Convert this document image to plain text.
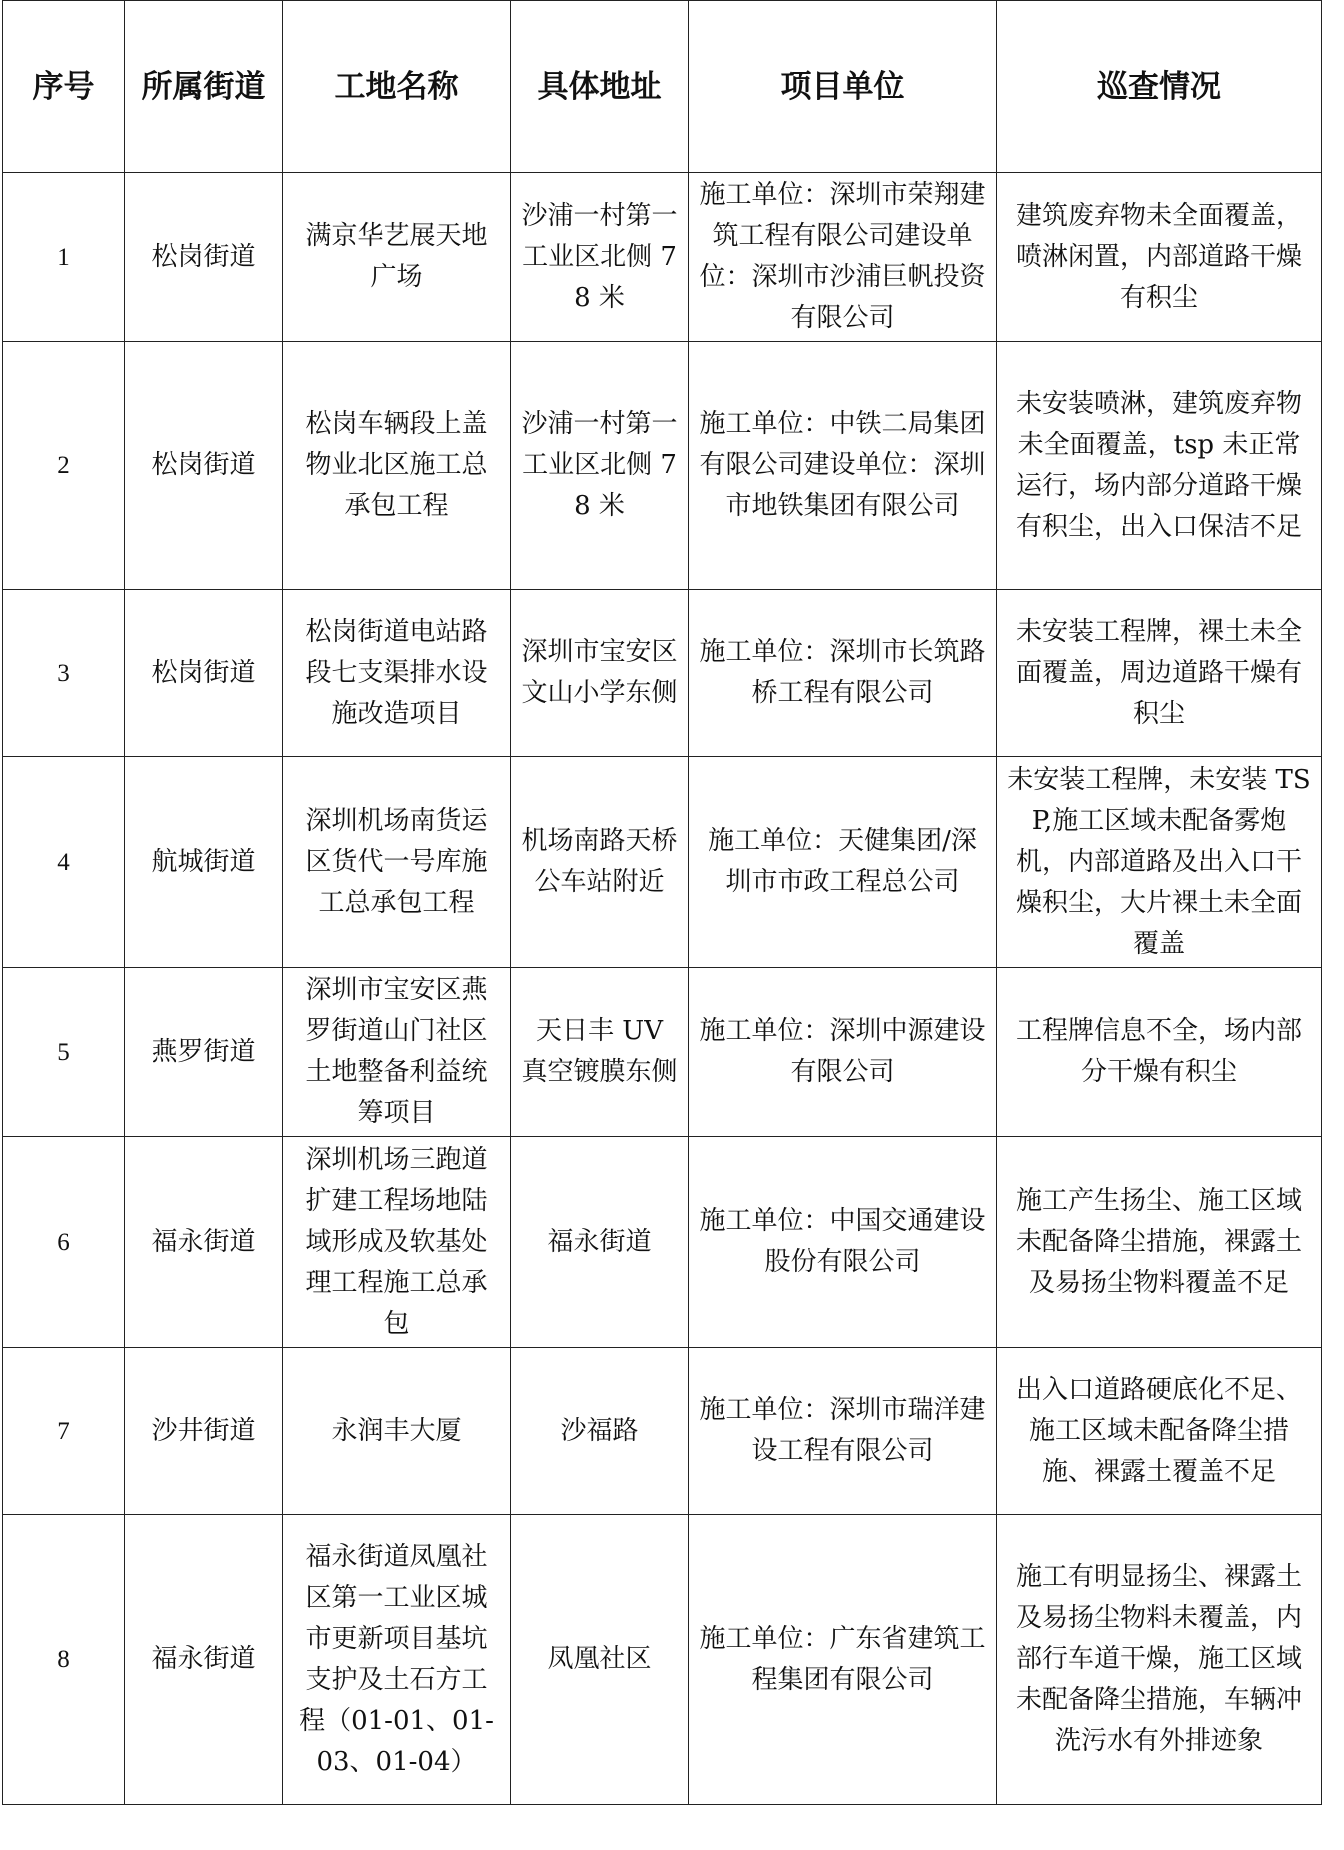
序号	所属街道	工地名称	具体地址	项目单位	巡查情况
1	松岗街道	满京华艺展天地广场	沙浦一村第一工业区北侧 78 米	施工单位：深圳市荣翔建筑工程有限公司建设单位：深圳市沙浦巨帆投资有限公司	建筑废弃物未全面覆盖，喷淋闲置，内部道路干燥有积尘
2	松岗街道	松岗车辆段上盖物业北区施工总承包工程	沙浦一村第一工业区北侧 78 米	施工单位：中铁二局集团有限公司建设单位：深圳市地铁集团有限公司	未安装喷淋，建筑废弃物未全面覆盖，tsp 未正常运行，场内部分道路干燥有积尘，出入口保洁不足
3	松岗街道	松岗街道电站路段七支渠排水设施改造项目	深圳市宝安区文山小学东侧	施工单位：深圳市长筑路桥工程有限公司	未安装工程牌，裸土未全面覆盖，周边道路干燥有积尘
4	航城街道	深圳机场南货运区货代一号库施工总承包工程	机场南路天桥公车站附近	施工单位：天健集团/深圳市市政工程总公司	未安装工程牌，未安装 TSP,施工区域未配备雾炮机，内部道路及出入口干燥积尘，大片裸土未全面覆盖
5	燕罗街道	深圳市宝安区燕罗街道山门社区土地整备利益统筹项目	天日丰 UV 真空镀膜东侧	施工单位：深圳中源建设有限公司	工程牌信息不全，场内部分干燥有积尘
6	福永街道	深圳机场三跑道扩建工程场地陆域形成及软基处理工程施工总承包	福永街道	施工单位：中国交通建设股份有限公司	施工产生扬尘、施工区域未配备降尘措施，裸露土及易扬尘物料覆盖不足
7	沙井街道	永润丰大厦	沙福路	施工单位：深圳市瑞洋建设工程有限公司	出入口道路硬底化不足、施工区域未配备降尘措施、裸露土覆盖不足
8	福永街道	福永街道凤凰社区第一工业区城市更新项目基坑支护及土石方工程（01-01、01-03、01-04）	凤凰社区	施工单位：广东省建筑工程集团有限公司	施工有明显扬尘、裸露土及易扬尘物料未覆盖，内部行车道干燥，施工区域未配备降尘措施，车辆冲洗污水有外排迹象
